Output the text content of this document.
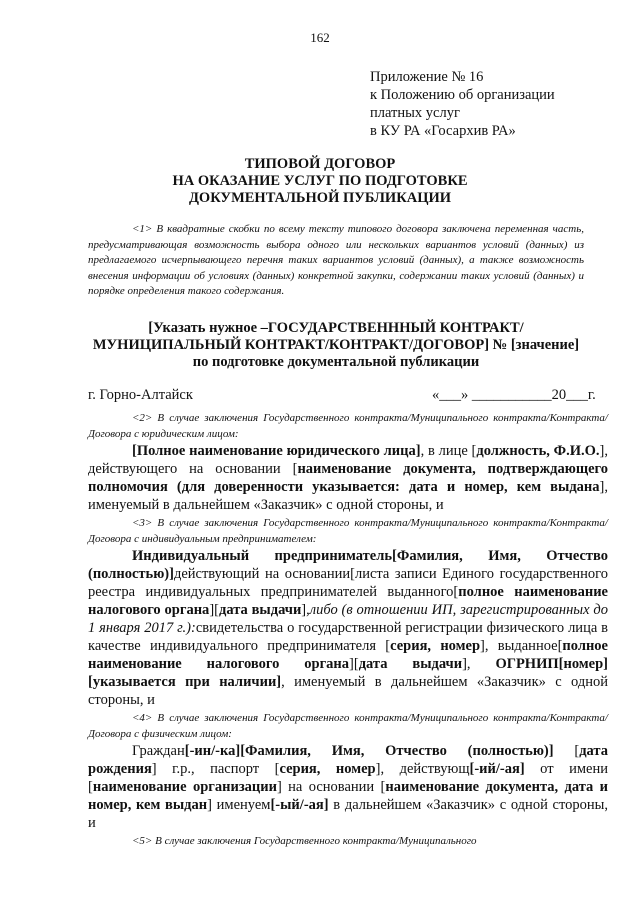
162
Приложение № 16
к Положению об организации
платных услуг
в КУ РА «Госархив РА»
ТИПОВОЙ ДОГОВОР
НА ОКАЗАНИЕ УСЛУГ ПО ПОДГОТОВКЕ
ДОКУМЕНТАЛЬНОЙ ПУБЛИКАЦИИ

<1> В квадратные скобки по всему тексту типового договора заключена переменная часть, предусматривающая возможность выбора одного или нескольких вариантов условий (данных) из предлагаемого исчерпывающего перечня таких вариантов условий (данных), а также возможность внесения информации об условиях (данных) конкретной закупки, содержании таких условий (данных) и порядке определения такого содержания.

[Указать нужное –ГОСУДАРСТВЕНННЫЙ КОНТРАКТ/
МУНИЦИПАЛЬНЫЙ КОНТРАКТ/КОНТРАКТ/ДОГОВОР] № [значение]
по подготовке документальной публикации
г. Горно-Алтайск	«___» ___________20___г.

<2> В случае заключения Государственного контракта/Муниципального контракта/Контракта/Договора с юридическим лицом:

[Полное наименование юридического лица], в лице [должность, Ф.И.О.], действующего на основании [наименование документа, подтверждающего полномочия (для доверенности указывается: дата и номер, кем выдана], именуемый в дальнейшем «Заказчик» с одной стороны, и

<3> В случае заключения Государственного контракта/Муниципального контракта/Контракта/Договора с индивидуальным предпринимателем:

Индивидуальный предприниматель[Фамилия, Имя, Отчество (полностью)]действующий на основании[листа записи Единого государственного реестра индивидуальных предпринимателей выданного[полное наименование налогового органа][дата выдачи],либо (в отношении ИП, зарегистрированных до 1 января 2017 г.):свидетельства о государственной регистрации физического лица в качестве индивидуального предпринимателя [серия, номер], выданное[полное наименование налогового органа][дата выдачи], ОГРНИП[номер][указывается при наличии], именуемый в дальнейшем «Заказчик» с одной стороны, и

<4> В случае заключения Государственного контракта/Муниципального контракта/Контракта/Договора с физическим лицом:

Граждан[-ин/-ка][Фамилия, Имя, Отчество (полностью)] [дата рождения] г.р., паспорт [серия, номер], действующ[-ий/-ая] от имени [наименование организации] на основании [наименование документа, дата и номер, кем выдан] именуем[-ый/-ая] в дальнейшем «Заказчик» с одной стороны, и

<5> В случае заключения Государственного контракта/Муниципального
